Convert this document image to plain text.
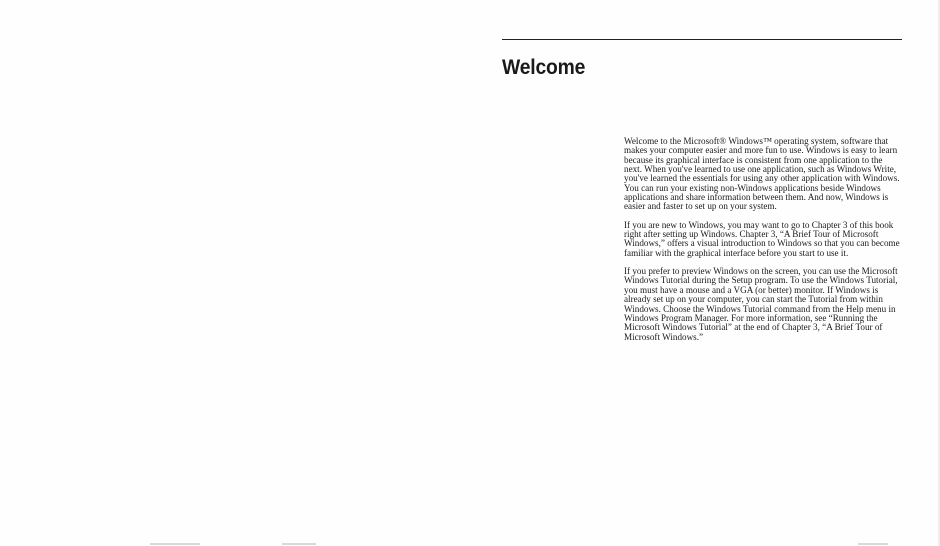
Welcome

Welcome to the Microsoft® Windows™ operating system, software that makes your computer easier and more fun to use. Windows is easy to learn because its graphical interface is consistent from one application to the next. When you've learned to use one application, such as Windows Write, you've learned the essentials for using any other application with Windows. You can run your existing non-Windows applications beside Windows applications and share information between them. And now, Windows is easier and faster to set up on your system.

If you are new to Windows, you may want to go to Chapter 3 of this book right after setting up Windows. Chapter 3, “A Brief Tour of Microsoft Windows,” offers a visual introduction to Windows so that you can become familiar with the graphical interface before you start to use it.

If you prefer to preview Windows on the screen, you can use the Microsoft Windows Tutorial during the Setup program. To use the Windows Tutorial, you must have a mouse and a VGA (or better) monitor. If Windows is already set up on your computer, you can start the Tutorial from within Windows. Choose the Windows Tutorial command from the Help menu in Windows Program Manager. For more information, see “Running the Microsoft Windows Tutorial” at the end of Chapter 3, “A Brief Tour of Microsoft Windows.”
